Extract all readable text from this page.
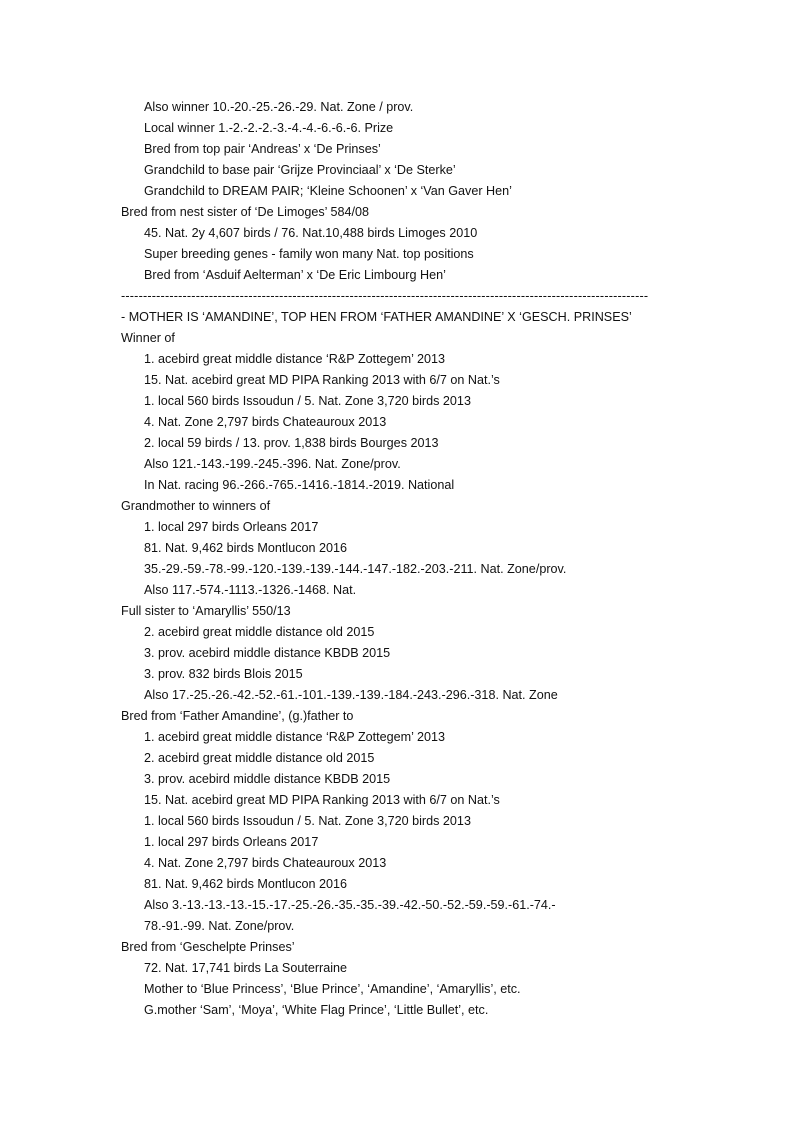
Also winner 10.-20.-25.-26.-29. Nat. Zone / prov.
Local winner 1.-2.-2.-2.-3.-4.-4.-6.-6.-6. Prize
Bred from top pair ‘Andreas’ x ‘De Prinses’
Grandchild to base pair ‘Grijze Provinciaal’ x ‘De Sterke’
Grandchild to DREAM PAIR; ‘Kleine Schoonen’ x ‘Van Gaver Hen’
Bred from nest sister of ‘De Limoges’ 584/08
45. Nat. 2y 4,607 birds / 76. Nat.10,488 birds Limoges 2010
Super breeding genes - family won many Nat. top positions
Bred from ‘Asduif Aelterman’ x ‘De Eric Limbourg Hen’
------------------------------------------------------------------------------------------------------------------------
- MOTHER IS ‘AMANDINE’, TOP HEN FROM ‘FATHER AMANDINE’ X ‘GESCH. PRINSES’
Winner of
1. acebird great middle distance ‘R&P Zottegem’ 2013
15. Nat. acebird great MD PIPA Ranking 2013 with 6/7 on Nat.’s
1. local 560 birds Issoudun / 5. Nat. Zone 3,720 birds 2013
4. Nat. Zone 2,797 birds Chateauroux 2013
2. local 59 birds / 13. prov. 1,838 birds Bourges 2013
Also 121.-143.-199.-245.-396. Nat. Zone/prov.
In Nat. racing 96.-266.-765.-1416.-1814.-2019. National
Grandmother to winners of
1. local 297 birds Orleans 2017
81. Nat. 9,462 birds Montlucon 2016
35.-29.-59.-78.-99.-120.-139.-139.-144.-147.-182.-203.-211. Nat. Zone/prov.
Also 117.-574.-1113.-1326.-1468. Nat.
Full sister to ‘Amaryllis’ 550/13
2. acebird great middle distance old 2015
3. prov. acebird middle distance KBDB 2015
3. prov. 832 birds Blois 2015
Also 17.-25.-26.-42.-52.-61.-101.-139.-139.-184.-243.-296.-318. Nat. Zone
Bred from ‘Father Amandine’, (g.)father to
1. acebird great middle distance ‘R&P Zottegem’ 2013
2. acebird great middle distance old 2015
3. prov. acebird middle distance KBDB 2015
15. Nat. acebird great MD PIPA Ranking 2013 with 6/7 on Nat.’s
1. local 560 birds Issoudun / 5. Nat. Zone 3,720 birds 2013
1. local 297 birds Orleans 2017
4. Nat. Zone 2,797 birds Chateauroux 2013
81. Nat. 9,462 birds Montlucon 2016
Also 3.-13.-13.-13.-15.-17.-25.-26.-35.-35.-39.-42.-50.-52.-59.-59.-61.-74.-
78.-91.-99. Nat. Zone/prov.
Bred from ‘Geschelpte Prinses’
72. Nat. 17,741 birds La Souterraine
Mother to ‘Blue Princess’, ‘Blue Prince’, ‘Amandine’, ‘Amaryllis’, etc.
G.mother ‘Sam’, ‘Moya’, ‘White Flag Prince’, ‘Little Bullet’, etc.
